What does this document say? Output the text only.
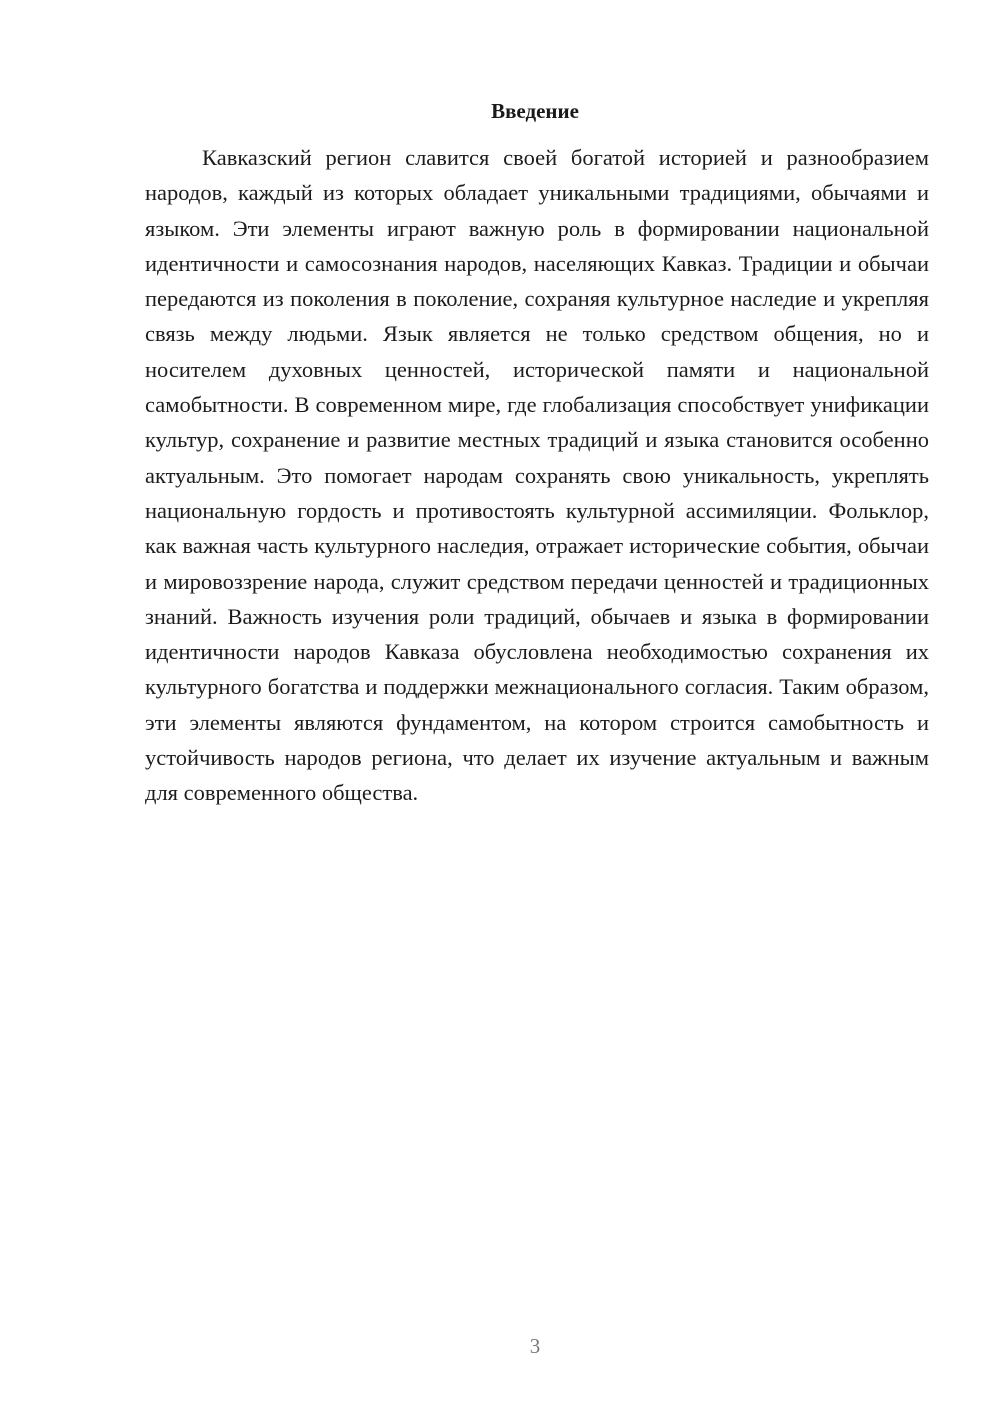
Введение

Кавказский регион славится своей богатой историей и разнообразием народов, каждый из которых обладает уникальными традициями, обычаями и языком. Эти элементы играют важную роль в формировании национальной идентичности и самосознания народов, населяющих Кавказ. Традиции и обычаи передаются из поколения в поколение, сохраняя культурное наследие и укрепляя связь между людьми. Язык является не только средством общения, но и носителем духовных ценностей, исторической памяти и национальной самобытности. В современном мире, где глобализация способствует унификации культур, сохранение и развитие местных традиций и языка становится особенно актуальным. Это помогает народам сохранять свою уникальность, укреплять национальную гордость и противостоять культурной ассимиляции. Фольклор, как важная часть культурного наследия, отражает исторические события, обычаи и мировоззрение народа, служит средством передачи ценностей и традиционных знаний. Важность изучения роли традиций, обычаев и языка в формировании идентичности народов Кавказа обусловлена необходимостью сохранения их культурного богатства и поддержки межнационального согласия. Таким образом, эти элементы являются фундаментом, на котором строится самобытность и устойчивость народов региона, что делает их изучение актуальным и важным для современного общества.

3
